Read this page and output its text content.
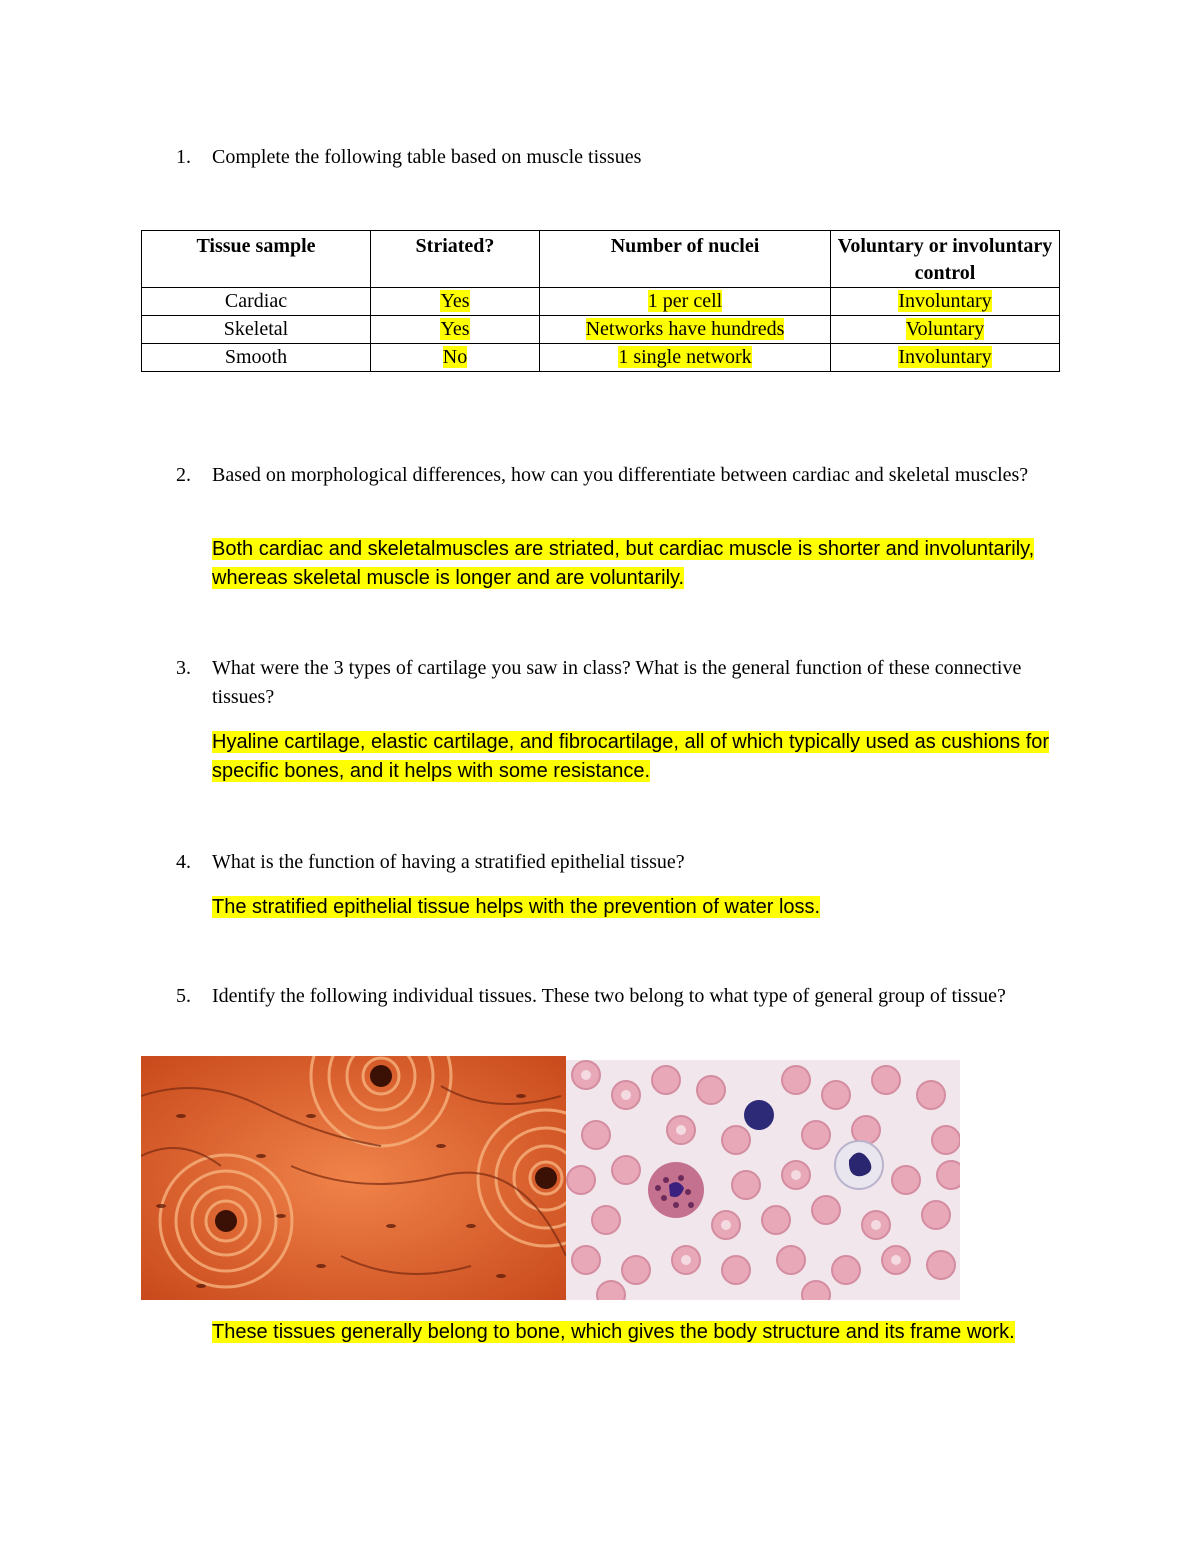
1.	Complete the following table based on muscle tissues
Tissue sample	Striated?	Number of nuclei	Voluntary or involuntary control
Cardiac	Yes	1 per cell	Involuntary
Skeletal	Yes	Networks have hundreds	Voluntary
Smooth	No	1 single network	Involuntary
2.	Based on morphological differences, how can you differentiate between cardiac and skeletal muscles?
Both cardiac and skeletalmuscles are striated, but cardiac muscle is shorter and involuntarily, whereas skeletal muscle is longer and are voluntarily.
3.	What were the 3 types of cartilage you saw in class? What is the general function of these connective tissues?
Hyaline cartilage, elastic cartilage, and fibrocartilage, all of which typically used as cushions for specific bones, and it helps with some resistance.
4.	What is the function of having a stratified epithelial tissue?
The stratified epithelial tissue helps with the prevention of water loss.
5.	Identify the following individual tissues. These two belong to what type of general group of tissue?
These tissues generally belong to bone, which gives the body structure and its frame work.
